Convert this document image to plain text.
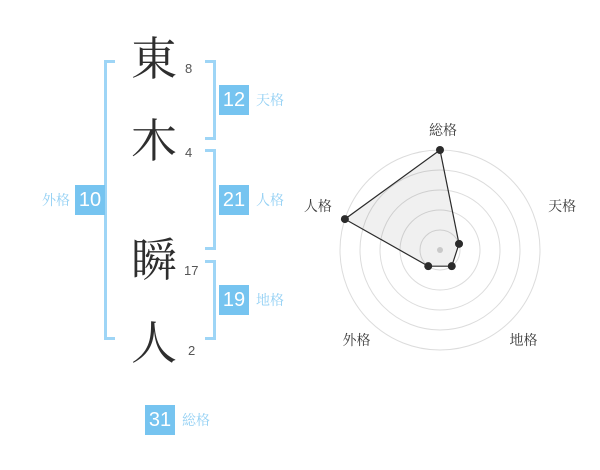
東
木
瞬
人
8
4
17
2
外格 10
12 天格
21 人格
19 地格
31 総格
総格
天格
地格
外格
人格
